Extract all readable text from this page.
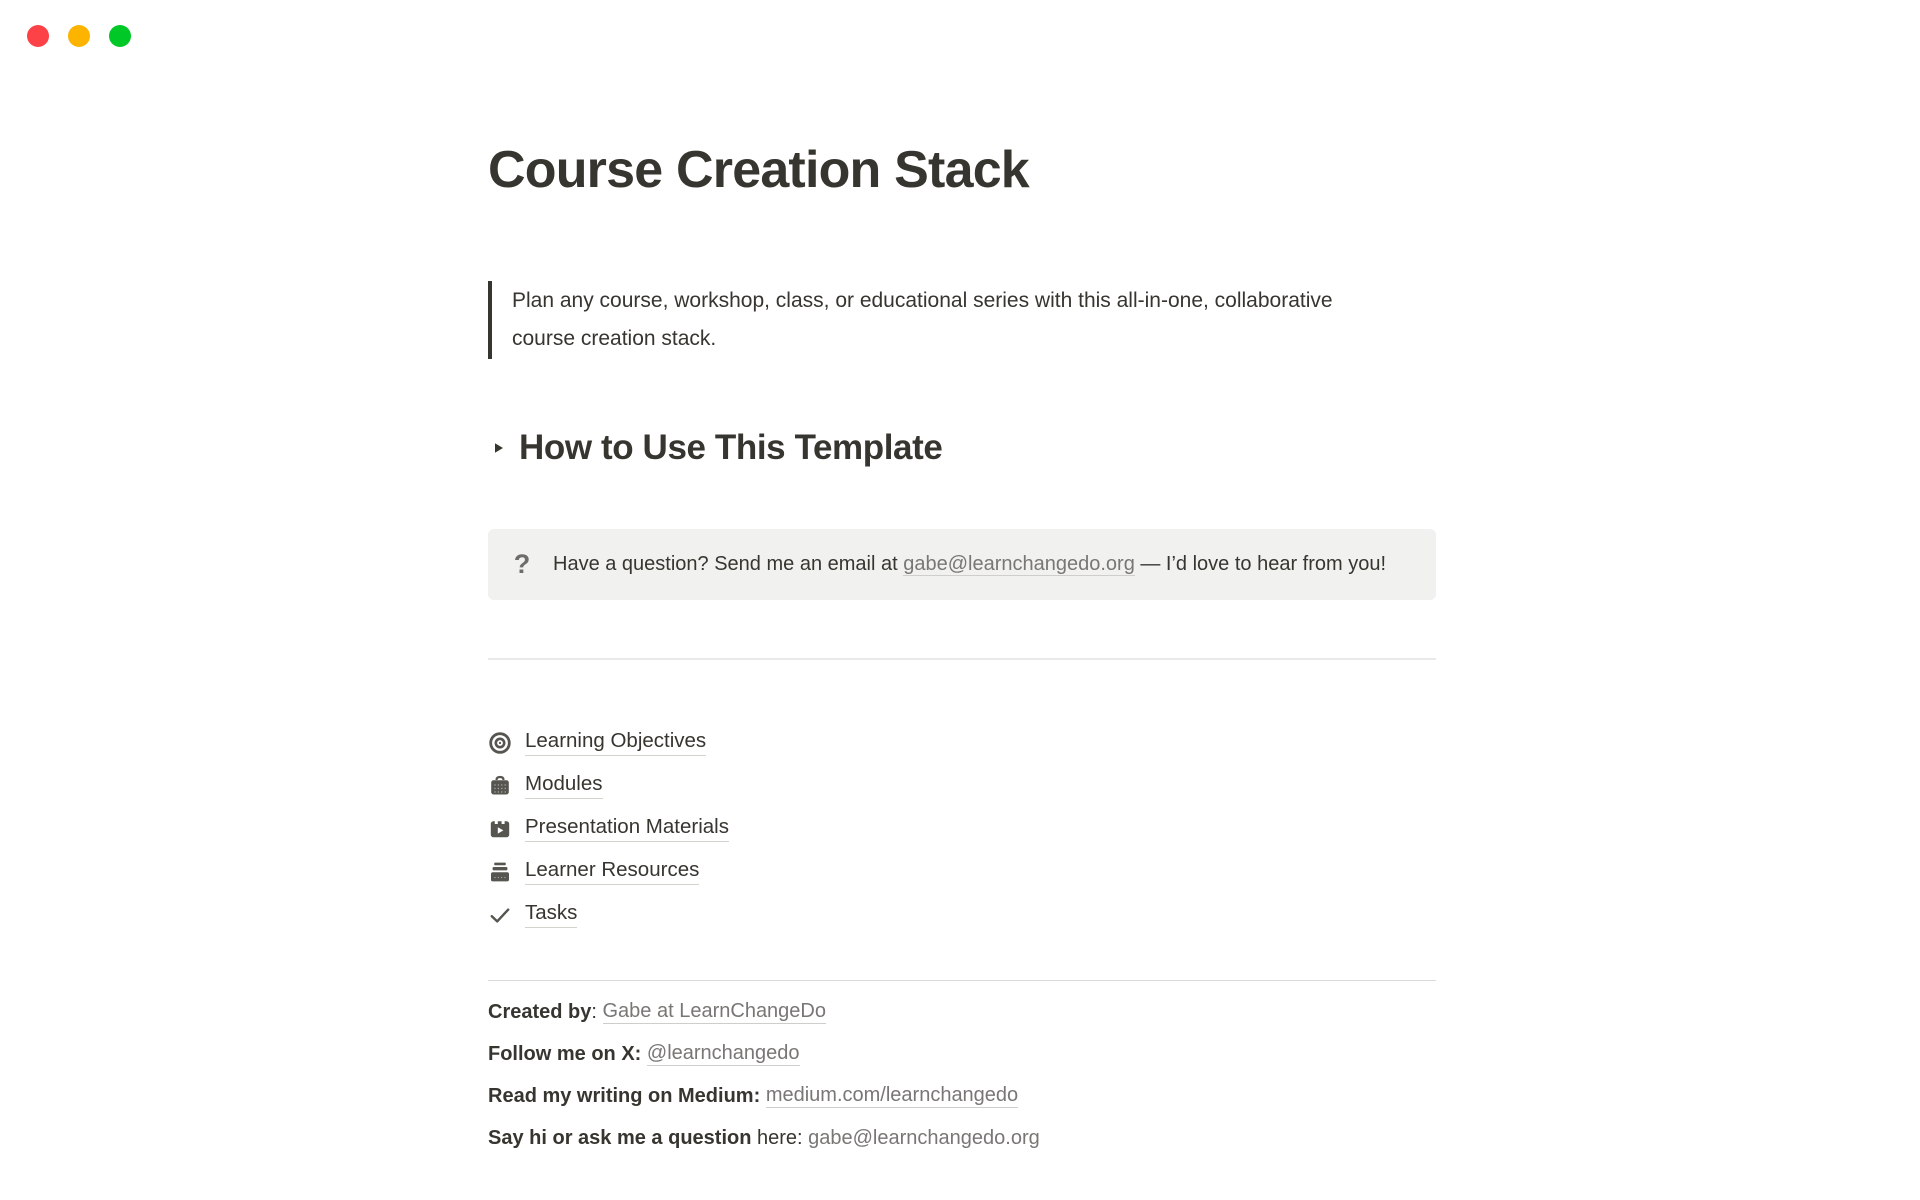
Course Creation Stack
Plan any course, workshop, class, or educational series with this all-in-one, collaborative course creation stack.
How to Use This Template
? Have a question? Send me an email at gabe@learnchangedo.org — I’d love to hear from you!

Learning Objectives
Modules
Presentation Materials
Learner Resources
Tasks

Created by : Gabe at LearnChangeDo

Follow me on X:
@learnchangedo

Read my writing on Medium:
medium.com/learnchangedo

Say hi or ask me a question here: gabe@learnchangedo.org
